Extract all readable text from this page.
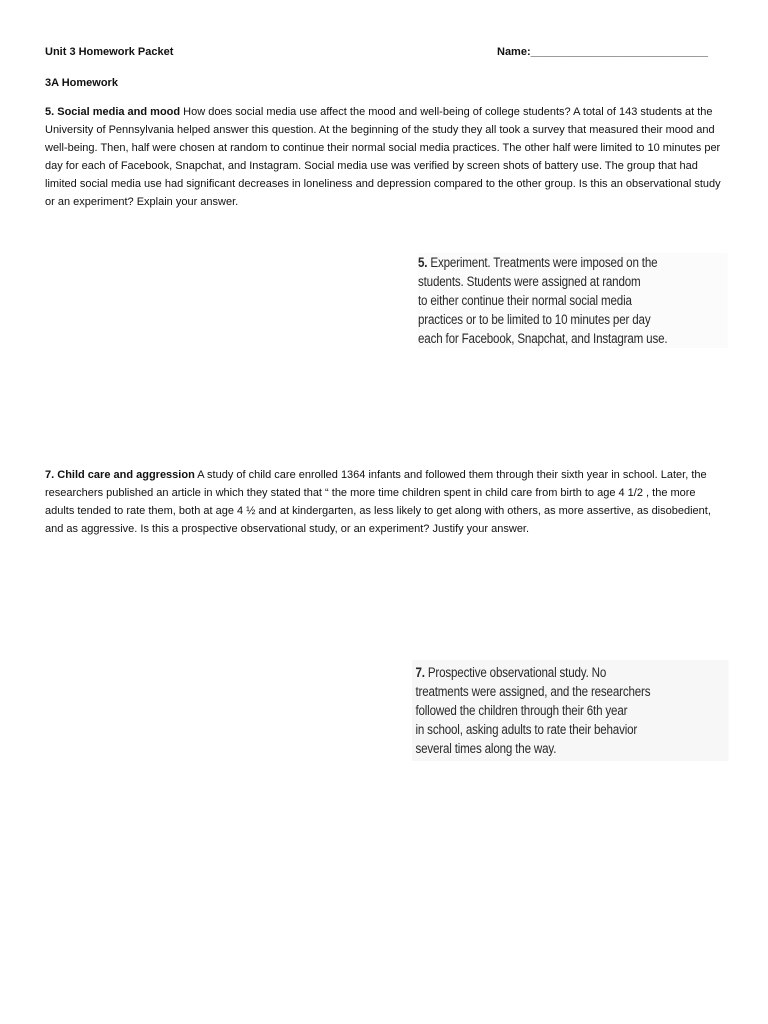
Unit 3 Homework Packet	Name:_____________________________
3A Homework
5. Social media and mood How does social media use affect the mood and well-being of college students? A total of 143 students at the University of Pennsylvania helped answer this question. At the beginning of the study they all took a survey that measured their mood and well-being. Then, half were chosen at random to continue their normal social media practices. The other half were limited to 10 minutes per day for each of Facebook, Snapchat, and Instagram. Social media use was verified by screen shots of battery use. The group that had limited social media use had significant decreases in loneliness and depression compared to the other group. Is this an observational study or an experiment? Explain your answer.
5. Experiment. Treatments were imposed on the
students. Students were assigned at random
to either continue their normal social media
practices or to be limited to 10 minutes per day
each for Facebook, Snapchat, and Instagram use.
7. Child care and aggression A study of child care enrolled 1364 infants and followed them through their sixth year in school. Later, the researchers published an article in which they stated that “ the more time children spent in child care from birth to age 4 1/2 , the more adults tended to rate them, both at age 4 ½ and at kindergarten, as less likely to get along with others, as more assertive, as disobedient, and as aggressive. Is this a prospective observational study, or an experiment? Justify your answer.
7. Prospective observational study. No
treatments were assigned, and the researchers
followed the children through their 6th year
in school, asking adults to rate their behavior
several times along the way.
